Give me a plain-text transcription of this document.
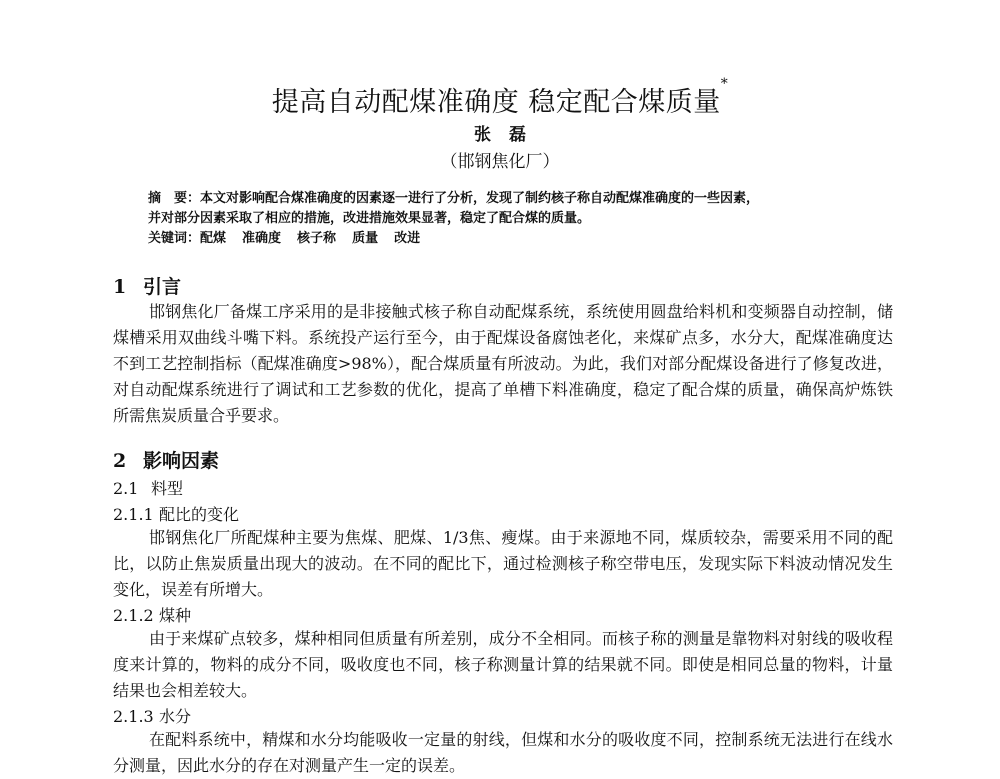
提高自动配煤准确度 稳定配合煤质量*
张磊
（邯钢焦化厂）
摘　要：本文对影响配合煤准确度的因素逐一进行了分析，发现了制约核子称自动配煤准确度的一些因素，
并对部分因素采取了相应的措施，改进措施效果显著，稳定了配合煤的质量。
关键词：配煤 准确度 核子称 质量 改进
1 引言
邯钢焦化厂备煤工序采用的是非接触式核子称自动配煤系统，系统使用圆盘给料机和变频器自动控制，储煤槽采用双曲线斗嘴下料。系统投产运行至今，由于配煤设备腐蚀老化，来煤矿点多，水分大，配煤准确度达不到工艺控制指标（配煤准确度>98%），配合煤质量有所波动。为此，我们对部分配煤设备进行了修复改进，对自动配煤系统进行了调试和工艺参数的优化，提高了单槽下料准确度，稳定了配合煤的质量，确保高炉炼铁所需焦炭质量合乎要求。
2 影响因素
2.1 料型
2.1.1 配比的变化
邯钢焦化厂所配煤种主要为焦煤、肥煤、1/3焦、瘦煤。由于来源地不同，煤质较杂，需要采用不同的配比，以防止焦炭质量出现大的波动。在不同的配比下，通过检测核子称空带电压，发现实际下料波动情况发生变化，误差有所增大。
2.1.2 煤种
由于来煤矿点较多，煤种相同但质量有所差别，成分不全相同。而核子称的测量是靠物料对射线的吸收程度来计算的，物料的成分不同，吸收度也不同，核子称测量计算的结果就不同。即使是相同总量的物料，计量结果也会相差较大。
2.1.3 水分
在配料系统中，精煤和水分均能吸收一定量的射线，但煤和水分的吸收度不同，控制系统无法进行在线水分测量，因此水分的存在对测量产生一定的误差。
